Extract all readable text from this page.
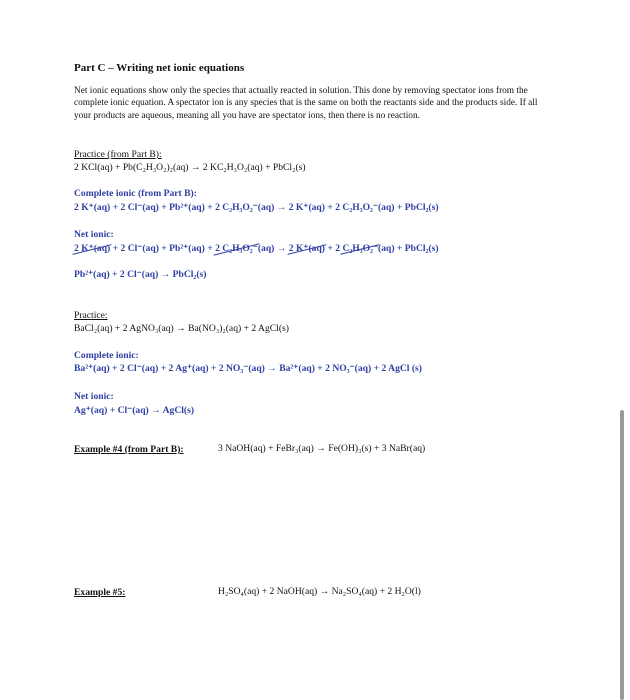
Part C – Writing net ionic equations
Net ionic equations show only the species that actually reacted in solution. This done by removing spectator ions from the complete ionic equation. A spectator ion is any species that is the same on both the reactants side and the products side. If all your products are aqueous, meaning all you have are spectator ions, then there is no reaction.
Practice (from Part B):
2 KCl(aq) + Pb(C₂H₃O₂)₂(aq) → 2 KC₂H₃O₂(aq) + PbCl₂(s)
Complete ionic (from Part B):
2 K⁺(aq) + 2 Cl⁻(aq) + Pb²⁺(aq) + 2 C₂H₃O₂⁻(aq) → 2 K⁺(aq) + 2 C₂H₃O₂⁻(aq) + PbCl₂(s)
Net ionic:
2 K⁺(aq) + 2 Cl⁻(aq) + Pb²⁺(aq) + 2 C₂H₃O₂⁻(aq) → 2 K⁺(aq) + 2 C₂H₃O₂⁻(aq) + PbCl₂(s)
Pb²⁺(aq) + 2 Cl⁻(aq) → PbCl₂(s)
Practice:
BaCl₂(aq) + 2 AgNO₃(aq) → Ba(NO₃)₂(aq) + 2 AgCl(s)
Complete ionic:
Ba²⁺(aq) + 2 Cl⁻(aq) + 2 Ag⁺(aq) + 2 NO₃⁻(aq) → Ba²⁺(aq) + 2 NO₃⁻(aq) + 2 AgCl (s)
Net ionic:
Ag⁺(aq) + Cl⁻(aq) → AgCl(s)
Example #4 (from Part B):	3 NaOH(aq) + FeBr₃(aq) → Fe(OH)₃(s) + 3 NaBr(aq)
Example #5:	H₂SO₄(aq) + 2 NaOH(aq) → Na₂SO₄(aq) + 2 H₂O(l)
